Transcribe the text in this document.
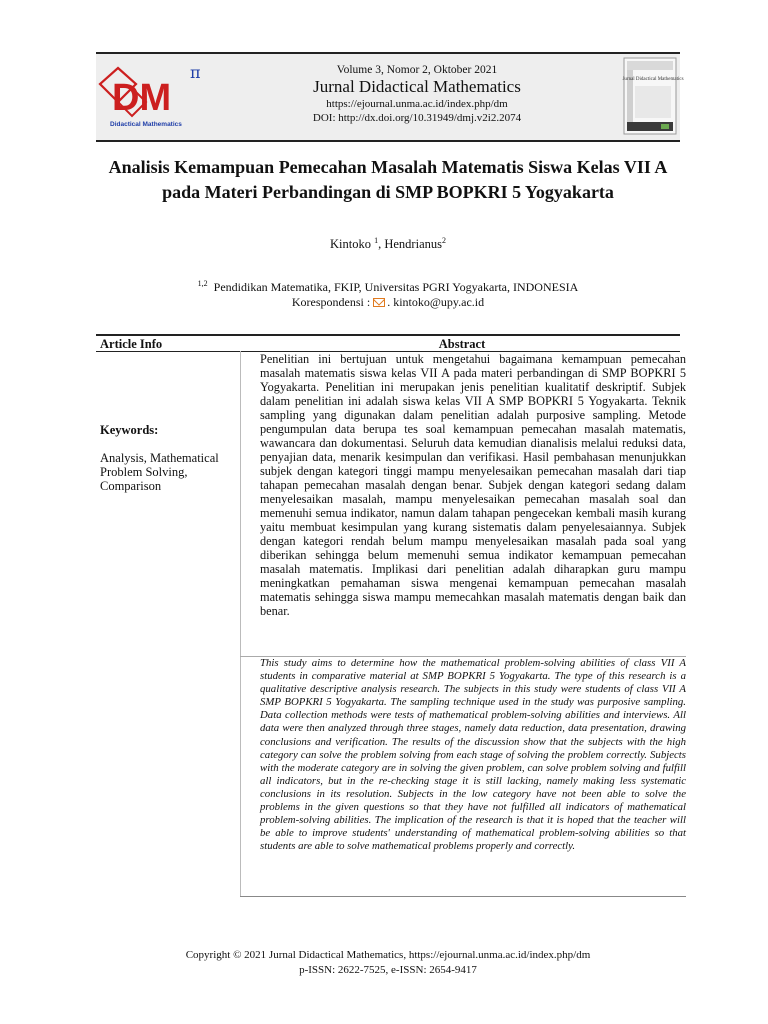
DM
π
Didactical Mathematics
Volume 3, Nomor 2, Oktober 2021
Jurnal Didactical Mathematics
https://ejournal.unma.ac.id/index.php/dm
DOI: http://dx.doi.org/10.31949/dmj.v2i2.2074
Jurnal Didactical Mathematics
Analisis Kemampuan Pemecahan Masalah Matematis Siswa Kelas VII A pada Materi Perbandingan di SMP BOPKRI 5 Yogyakarta
Kintoko $^1$, Hendrianus$^2$
$^{1,2}$ Pendidikan Matematika, FKIP, Universitas PGRI Yogyakarta, INDONESIA
Korespondensi : . kintoko@upy.ac.id
Article Info	Abstract
Keywords:
Analysis, Mathematical Problem Solving, Comparison
Penelitian ini bertujuan untuk mengetahui bagaimana kemampuan pemecahan masalah matematis siswa kelas VII A pada materi perbandingan di SMP BOPKRI 5 Yogyakarta. Penelitian ini merupakan jenis penelitian kualitatif deskriptif. Subjek dalam penelitian ini adalah siswa kelas VII A SMP BOPKRI 5 Yogyakarta. Teknik sampling yang digunakan dalam penelitian adalah purposive sampling. Metode pengumpulan data berupa tes soal kemampuan pemecahan masalah matematis, wawancara dan dokumentasi. Seluruh data kemudian dianalisis melalui reduksi data, penyajian data, menarik kesimpulan dan verifikasi. Hasil pembahasan menunjukkan subjek dengan kategori tinggi mampu menyelesaikan pemecahan masalah dari tiap tahapan pemecahan masalah dengan benar. Subjek dengan kategori sedang dalam menyelesaikan masalah, mampu menyelesaikan pemecahan masalah soal dan memenuhi semua indikator, namun dalam tahapan pengecekan kembali masih kurang yaitu membuat kesimpulan yang kurang sistematis dalam penyelesaiannya. Subjek dengan kategori rendah belum mampu menyelesaikan masalah pada soal yang diberikan sehingga belum memenuhi semua indikator kemampuan pemecahan masalah matematis. Implikasi dari penelitian adalah diharapkan guru mampu meningkatkan pemahaman siswa mengenai kemampuan pemecahan masalah matematis sehingga siswa mampu memecahkan masalah matematis dengan baik dan benar.
This study aims to determine how the mathematical problem-solving abilities of class VII A students in comparative material at SMP BOPKRI 5 Yogyakarta. The type of this research is a qualitative descriptive analysis research. The subjects in this study were students of class VII A SMP BOPKRI 5 Yogyakarta. The sampling technique used in the study was purposive sampling. Data collection methods were tests of mathematical problem-solving abilities and interviews. All data were then analyzed through three stages, namely data reduction, data presentation, drawing conclusions and verification. The results of the discussion show that the subjects with the high category can solve the problem solving from each stage of solving the problem correctly. Subjects with the moderate category are in solving the given problem, can solve problem solving and fulfill all indicators, but in the re-checking stage it is still lacking, namely making less systematic conclusions in its resolution. Subjects in the low category have not been able to solve the problems in the given questions so that they have not fulfilled all indicators of mathematical problem-solving abilities. The implication of the research is that it is hoped that the teacher will be able to improve students' understanding of mathematical problem-solving abilities so that students are able to solve mathematical problems properly and correctly.
Copyright © 2021 Jurnal Didactical Mathematics, https://ejournal.unma.ac.id/index.php/dm
p-ISSN: 2622-7525, e-ISSN: 2654-9417
